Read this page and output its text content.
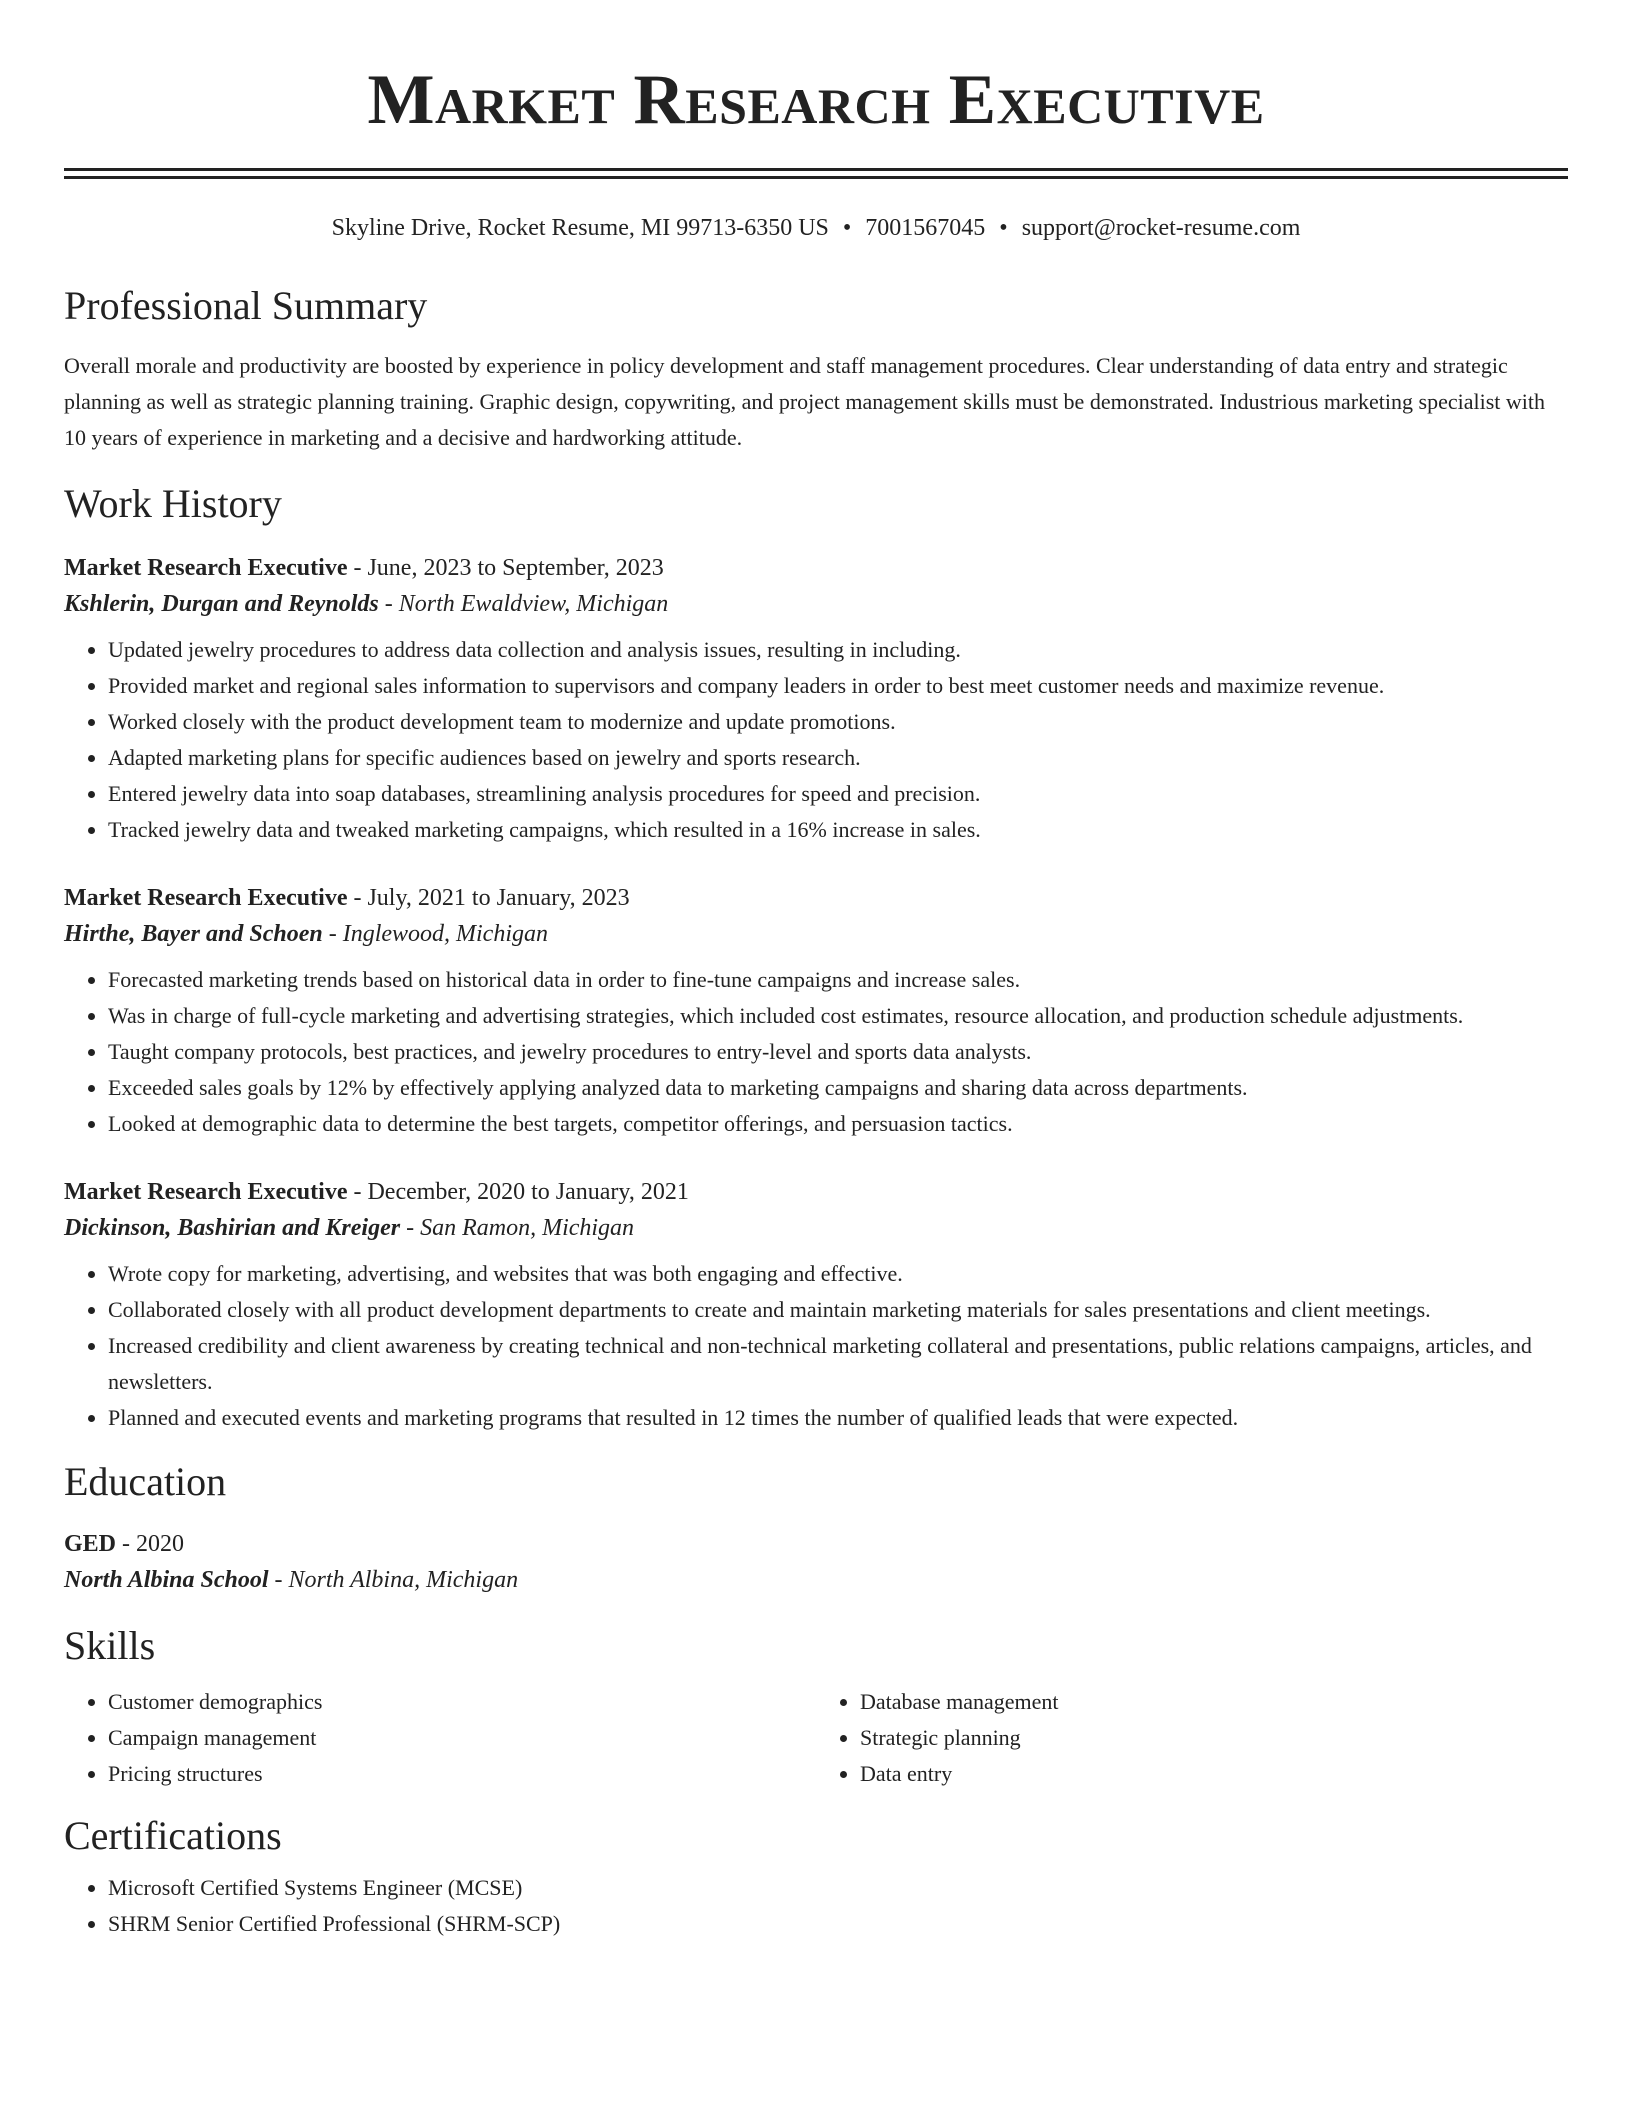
Market Research Executive
Skyline Drive, Rocket Resume, MI 99713-6350 US • 7001567045 • support@rocket-resume.com
Professional Summary

Overall morale and productivity are boosted by experience in policy development and staff management procedures. Clear understanding of data entry and strategic planning as well as strategic planning training. Graphic design, copywriting, and project management skills must be demonstrated. Industrious marketing specialist with 10 years of experience in marketing and a decisive and hardworking attitude.

Work History
Market Research Executive - June, 2023 to September, 2023
Kshlerin, Durgan and Reynolds - North Ewaldview, Michigan
• Updated jewelry procedures to address data collection and analysis issues, resulting in including.
• Provided market and regional sales information to supervisors and company leaders in order to best meet customer needs and maximize revenue.
• Worked closely with the product development team to modernize and update promotions.
• Adapted marketing plans for specific audiences based on jewelry and sports research.
• Entered jewelry data into soap databases, streamlining analysis procedures for speed and precision.
• Tracked jewelry data and tweaked marketing campaigns, which resulted in a 16% increase in sales.
Market Research Executive - July, 2021 to January, 2023
Hirthe, Bayer and Schoen - Inglewood, Michigan
• Forecasted marketing trends based on historical data in order to fine-tune campaigns and increase sales.
• Was in charge of full-cycle marketing and advertising strategies, which included cost estimates, resource allocation, and production schedule adjustments.
• Taught company protocols, best practices, and jewelry procedures to entry-level and sports data analysts.
• Exceeded sales goals by 12% by effectively applying analyzed data to marketing campaigns and sharing data across departments.
• Looked at demographic data to determine the best targets, competitor offerings, and persuasion tactics.
Market Research Executive - December, 2020 to January, 2021
Dickinson, Bashirian and Kreiger - San Ramon, Michigan
• Wrote copy for marketing, advertising, and websites that was both engaging and effective.
• Collaborated closely with all product development departments to create and maintain marketing materials for sales presentations and client meetings.
• Increased credibility and client awareness by creating technical and non-technical marketing collateral and presentations, public relations campaigns, articles, and newsletters.
• Planned and executed events and marketing programs that resulted in 12 times the number of qualified leads that were expected.
Education
GED - 2020
North Albina School - North Albina, Michigan
Skills
• Customer demographics
• Campaign management
• Pricing structures
• Database management
• Strategic planning
• Data entry
Certifications
• Microsoft Certified Systems Engineer (MCSE)
• SHRM Senior Certified Professional (SHRM-SCP)
